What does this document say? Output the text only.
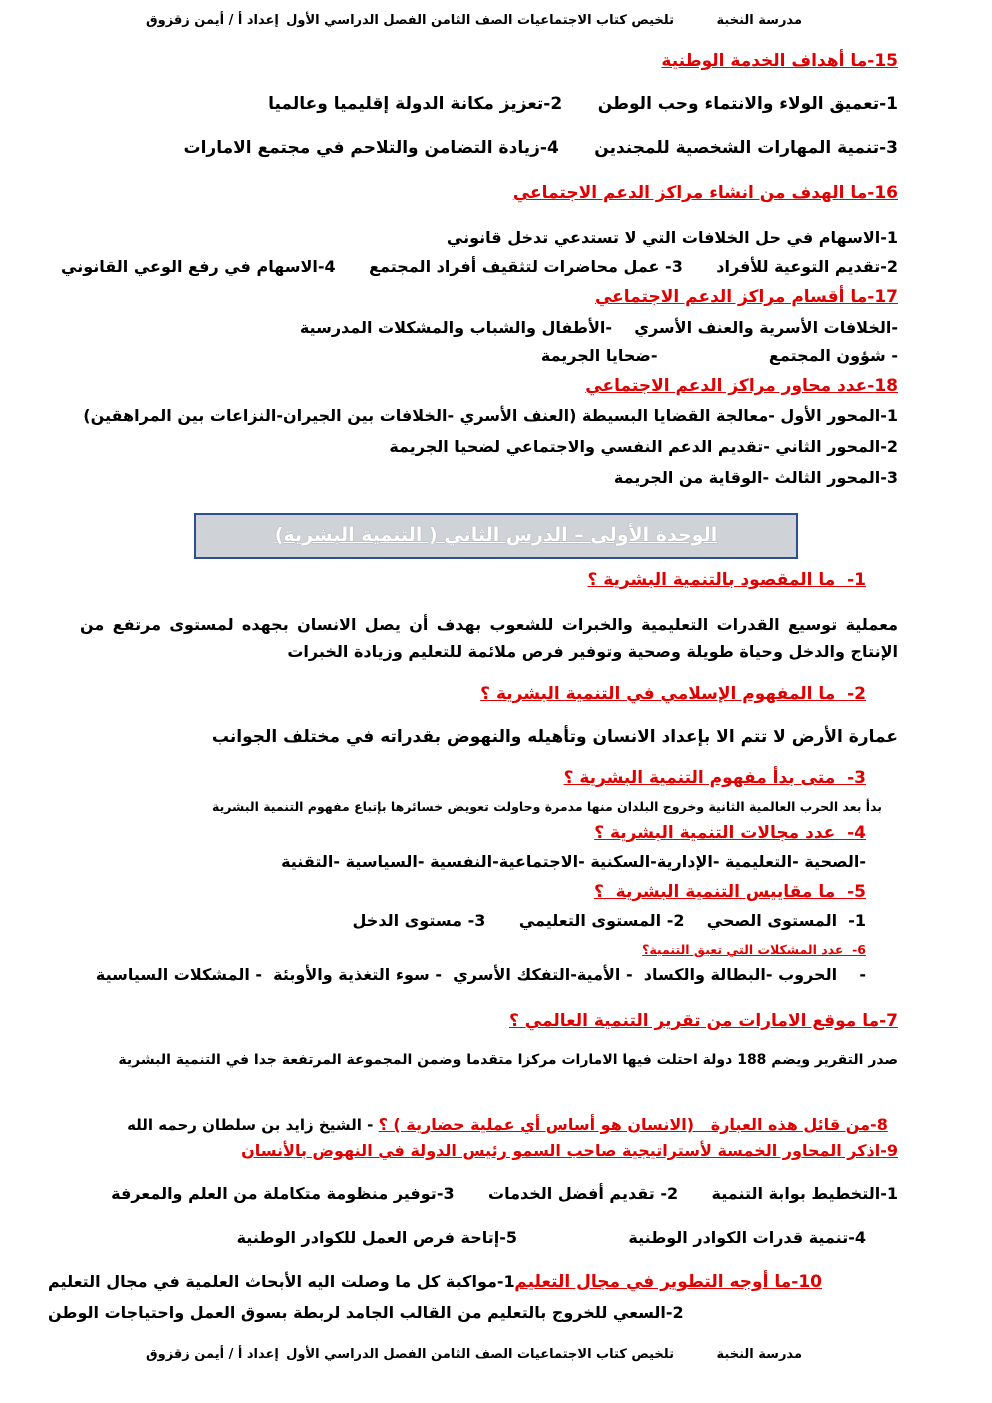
مدرسة النخبة
تلخيص كتاب الاجتماعيات الصف الثامن الفصل الدراسي الأول
إعداد أ / أيمن زقزوق
15-ما أهداف الخدمة الوطنية
1-تعميق الولاء والانتماء وحب الوطن      2-تعزيز مكانة الدولة إقليميا وعالميا
3-تنمية المهارات الشخصية للمجندين      4-زيادة التضامن والتلاحم في مجتمع الامارات
16-ما الهدف من انشاء مراكز الدعم الاجتماعي
1-الاسهام في حل الخلافات التي لا تستدعي تدخل قانوني
2-تقديم التوعية للأفراد      3- عمل محاضرات لتثقيف أفراد المجتمع      4-الاسهام في رفع الوعي القانوني
17-ما أقسام مراكز الدعم الاجتماعي
-الخلافات الأسرية والعنف الأسري    -الأطفال والشباب والمشكلات المدرسية
- شؤون المجتمع                    -ضحايا الجريمة
18-عدد محاور مراكز الدعم الاجتماعي
1-المحور الأول -معالجة القضايا البسيطة (العنف الأسري -الخلافات بين الجيران-النزاعات بين المراهقين)
2-المحور الثاني -تقديم الدعم النفسي والاجتماعي لضحيا الجريمة
3-المحور الثالث -الوقاية من الجريمة
الوحدة الأولى – الدرس الثاني ( التنمية البشرية)
1-  ما المقصود بالتنمية البشرية ؟
معملية توسيع القدرات التعليمية والخبرات للشعوب بهدف أن يصل الانسان بجهده لمستوى مرتفع من الإنتاج والدخل وحياة طويلة وصحية وتوفير فرص ملائمة للتعليم وزيادة الخبرات
2-  ما المفهوم الإسلامي في التنمية البشرية ؟
عمارة الأرض لا تتم الا بإعداد الانسان وتأهيله والنهوض بقدراته في مختلف الجوانب
3-  متى بدأ مفهوم التنمية البشرية ؟
بدأ بعد الحرب العالمية الثانية وخروج البلدان منها مدمرة وحاولت تعويض خسائرها بإتباع مفهوم التنمية البشرية
4-  عدد مجالات التنمية البشرية ؟
-الصحية -التعليمية -الإدارية-السكنية -الاجتماعية-النفسية -السياسية -التقنية
5-  ما مقاييس التنمية البشرية  ؟
1-  المستوى الصحي    2- المستوى التعليمي      3- مستوى الدخل
6-  عدد المشكلات التي تعيق التنمية؟
-    الحروب -البطالة والكساد  - الأمية-التفكك الأسري  - سوء التغذية والأوبئة  - المشكلات السياسية
7-ما موقع الامارات من تقرير التنمية العالمي ؟
صدر التقرير ويضم 188 دولة احتلت فيها الامارات مركزا متقدما وضمن المجموعة المرتفعة جدا في التنمية البشرية

8-من قائل هذه العبارة   (الانسان هو أساس أي عملية حضارية ) ؟ - الشيخ زايد بن سلطان رحمه الله

9-اذكر المحاور الخمسة لأستراتيجية صاحب السمو رئيس الدولة في النهوض بالأنسان
1-التخطيط بوابة التنمية      2- تقديم أفضل الخدمات      3-توفير منظومة متكاملة من العلم والمعرفة
4-تنمية قدرات الكوادر الوطنية                    5-إتاحة فرص العمل للكوادر الوطنية
10-ما أوجه التطوير في مجال التعليم
1-مواكبة كل ما وصلت اليه الأبحاث العلمية في مجال التعليم
2-السعي للخروج بالتعليم من القالب الجامد لربطة بسوق العمل واحتياجات الوطن
مدرسة النخبة
تلخيص كتاب الاجتماعيات الصف الثامن الفصل الدراسي الأول
إعداد أ / أيمن زقزوق
